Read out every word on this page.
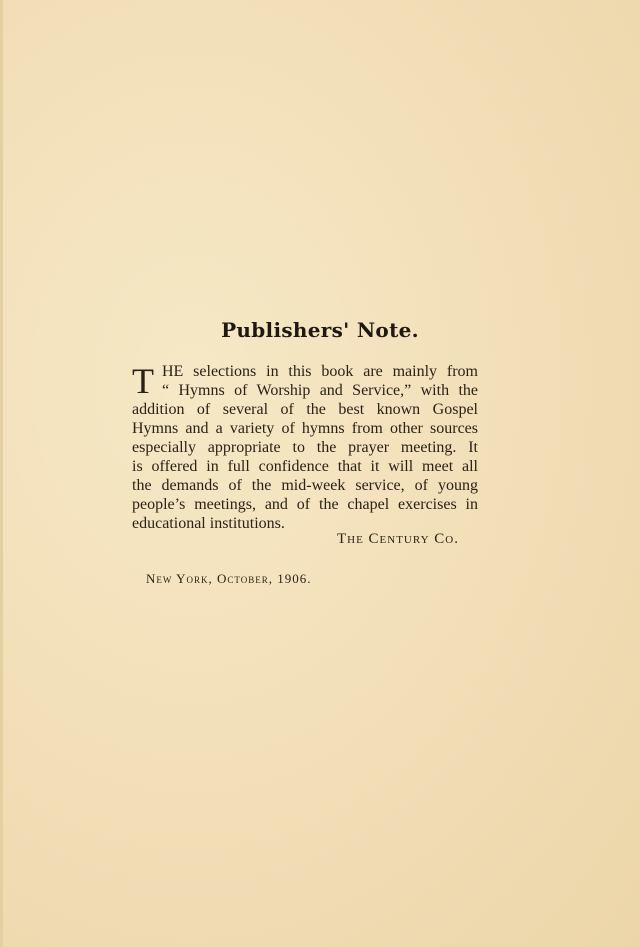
Publishers' Note.
T HE selections in this book are mainly from
“ Hymns of Worship and Service,” with the
addition of several of the best known Gospel
Hymns and a variety of hymns from other sources
especially appropriate to the prayer meeting. It
is offered in full confidence that it will meet all
the demands of the mid-week service, of young
people’s meetings, and of the chapel exercises in
educational institutions.
The Century Co.
New York, October, 1906.
